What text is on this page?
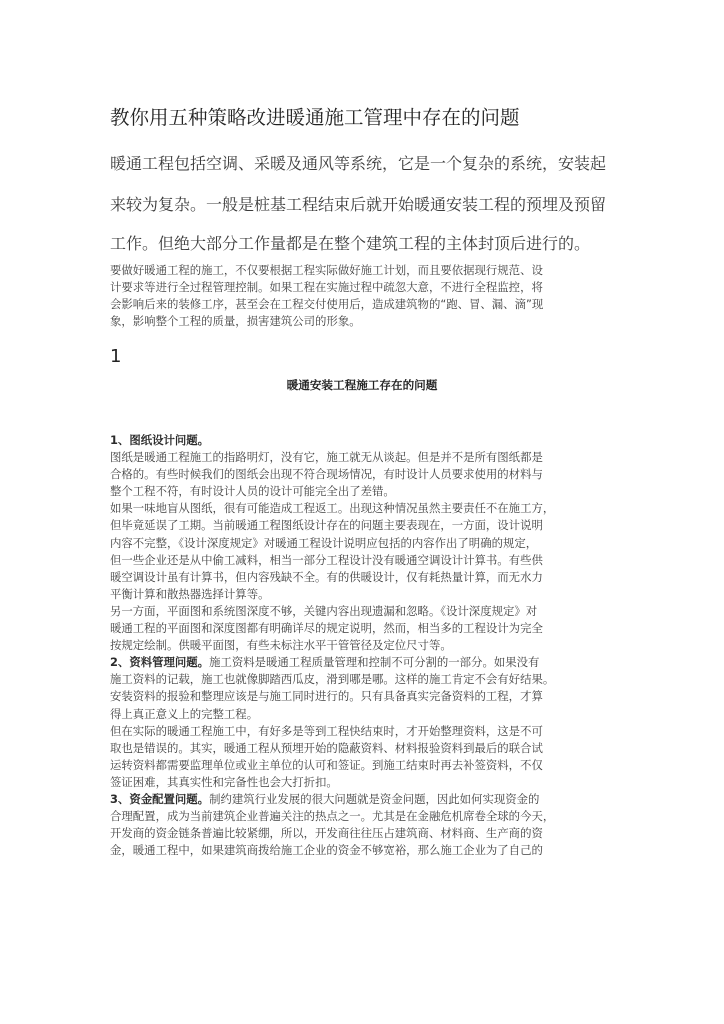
教你用五种策略改进暖通施工管理中存在的问题
暖通工程包括空调、采暖及通风等系统，它是一个复杂的系统，安装起
来较为复杂。一般是桩基工程结束后就开始暖通安装工程的预埋及预留
工作。但绝大部分工作量都是在整个建筑工程的主体封顶后进行的。

要做好暖通工程的施工，不仅要根据工程实际做好施工计划，而且要依据现行规范、设

计要求等进行全过程管理控制。如果工程在实施过程中疏忽大意，不进行全程监控，将

会影响后来的装修工序，甚至会在工程交付使用后，造成建筑物的“跑、冒、漏、滴”现

象，影响整个工程的质量，损害建筑公司的形象。

1
暖通安装工程施工存在的问题

1、图纸设计问题。

图纸是暖通工程施工的指路明灯，没有它，施工就无从谈起。但是并不是所有图纸都是

合格的。有些时候我们的图纸会出现不符合现场情况，有时设计人员要求使用的材料与

整个工程不符，有时设计人员的设计可能完全出了差错。

如果一味地盲从图纸，很有可能造成工程返工。出现这种情况虽然主要责任不在施工方，

但毕竟延误了工期。当前暖通工程图纸设计存在的问题主要表现在，一方面，设计说明

内容不完整，《设计深度规定》对暖通工程设计说明应包括的内容作出了明确的规定，

但一些企业还是从中偷工减料，相当一部分工程设计没有暖通空调设计计算书。有些供

暖空调设计虽有计算书，但内容残缺不全。有的供暖设计，仅有耗热量计算，而无水力

平衡计算和散热器选择计算等。

另一方面，平面图和系统图深度不够，关键内容出现遗漏和忽略。《设计深度规定》对

暖通工程的平面图和深度图都有明确详尽的规定说明，然而，相当多的工程设计为完全

按规定绘制。供暖平面图，有些未标注水平干管管径及定位尺寸等。

2、资料管理问题。施工资料是暖通工程质量管理和控制不可分割的一部分。如果没有

施工资料的记载，施工也就像脚踏西瓜皮，滑到哪是哪。这样的施工肯定不会有好结果。

安装资料的报验和整理应该是与施工同时进行的。只有具备真实完备资料的工程，才算

得上真正意义上的完整工程。

但在实际的暖通工程施工中，有好多是等到工程快结束时，才开始整理资料，这是不可

取也是错误的。其实，暖通工程从预埋开始的隐蔽资料、材料报验资料到最后的联合试

运转资料都需要监理单位或业主单位的认可和签证。到施工结束时再去补签资料，不仅

签证困难，其真实性和完备性也会大打折扣。

3、资金配置问题。制约建筑行业发展的很大问题就是资金问题，因此如何实现资金的

合理配置，成为当前建筑企业普遍关注的热点之一。尤其是在金融危机席卷全球的今天，

开发商的资金链条普遍比较紧绷，所以，开发商往往压占建筑商、材料商、生产商的资

金，暖通工程中，如果建筑商拨给施工企业的资金不够宽裕，那么施工企业为了自己的
